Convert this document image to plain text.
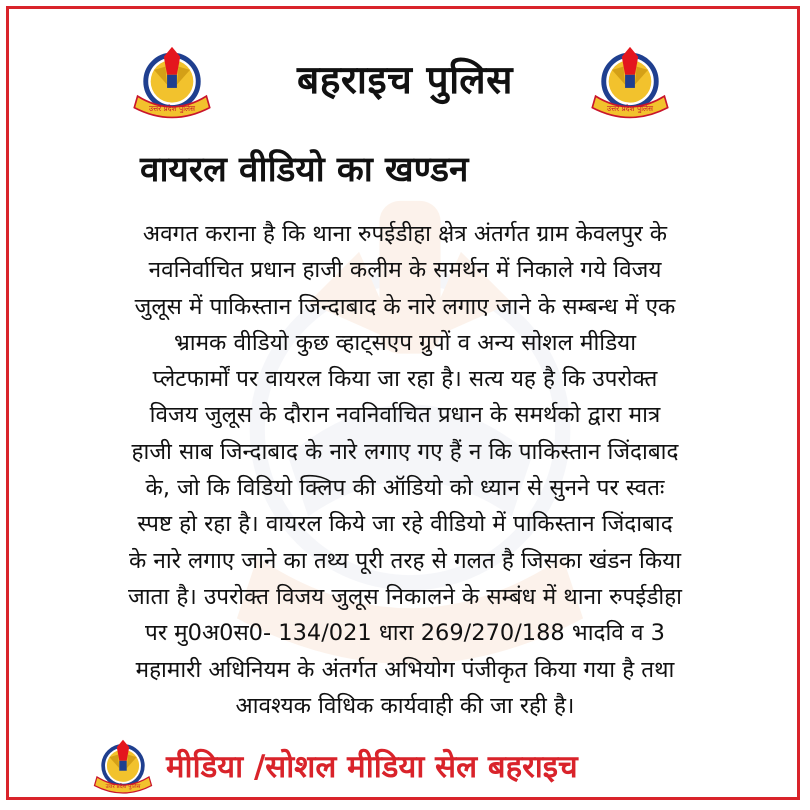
उत्तर प्रदेश पुलिस	उत्तर प्रदेश पुलिस
बहराइच पुलिस
वायरल वीडियो का खण्डन
अवगत कराना है कि थाना रुपईडीहा क्षेत्र अंतर्गत ग्राम केवलपुर के
नवनिर्वाचित प्रधान हाजी कलीम के समर्थन में निकाले गये विजय
जुलूस में पाकिस्तान जिन्दाबाद के नारे लगाए जाने के सम्बन्ध में एक
भ्रामक वीडियो कुछ व्हाट्सएप ग्रुपों व अन्य सोशल मीडिया
प्लेटफार्मों पर वायरल किया जा रहा है। सत्य यह है कि उपरोक्त
विजय जुलूस के दौरान नवनिर्वाचित प्रधान के समर्थको द्वारा मात्र
हाजी साब जिन्दाबाद के नारे लगाए गए हैं न कि पाकिस्तान जिंदाबाद
के, जो कि विडियो क्लिप की ऑडियो को ध्यान से सुनने पर स्वतः
स्पष्ट हो रहा है। वायरल किये जा रहे वीडियो में पाकिस्तान जिंदाबाद
के नारे लगाए जाने का तथ्य पूरी तरह से गलत है जिसका खंडन किया
जाता है। उपरोक्त विजय जुलूस निकालने के सम्बंध में थाना रुपईडीहा
पर मु0अ0स0- 134/021 धारा 269/270/188 भादवि व 3
महामारी अधिनियम के अंतर्गत अभियोग पंजीकृत किया गया है तथा
आवश्यक विधिक कार्यवाही की जा रही है।
उत्तर प्रदेश पुलिस
मीडिया /सोशल मीडिया सेल बहराइच
